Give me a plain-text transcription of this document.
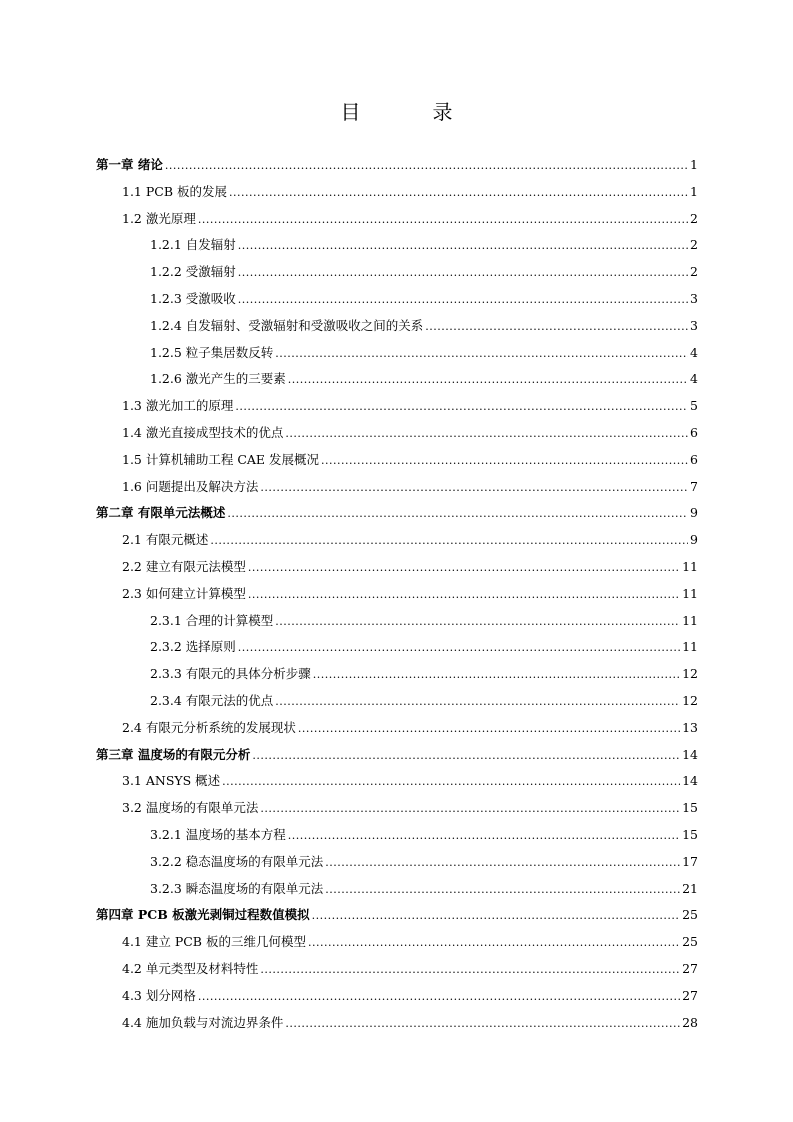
目　录
第一章 绪论 .....	1
1.1 PCB 板的发展 .....	1
1.2 激光原理 .....	2
1.2.1 自发辐射 .....	2
1.2.2 受激辐射 .....	2
1.2.3 受激吸收 .....	3
1.2.4 自发辐射、受激辐射和受激吸收之间的关系 .....	3
1.2.5 粒子集居数反转 .....	4
1.2.6 激光产生的三要素 .....	4
1.3 激光加工的原理 .....	5
1.4 激光直接成型技术的优点 .....	6
1.5 计算机辅助工程 CAE 发展概况 .....	6
1.6 问题提出及解决方法 .....	7
第二章 有限单元法概述 .....	9
2.1 有限元概述 .....	9
2.2 建立有限元法模型 .....	11
2.3 如何建立计算模型 .....	11
2.3.1 合理的计算模型 .....	11
2.3.2 选择原则 .....	11
2.3.3 有限元的具体分析步骤 .....	12
2.3.4 有限元法的优点 .....	12
2.4 有限元分析系统的发展现状 .....	13
第三章 温度场的有限元分析 .....	14
3.1 ANSYS 概述 .....	14
3.2 温度场的有限单元法 .....	15
3.2.1 温度场的基本方程 .....	15
3.2.2 稳态温度场的有限单元法 .....	17
3.2.3 瞬态温度场的有限单元法 .....	21
第四章 PCB 板激光剥铜过程数值模拟 .....	25
4.1 建立 PCB 板的三维几何模型 .....	25
4.2 单元类型及材料特性 .....	27
4.3 划分网格 .....	27
4.4 施加负载与对流边界条件 .....	28
